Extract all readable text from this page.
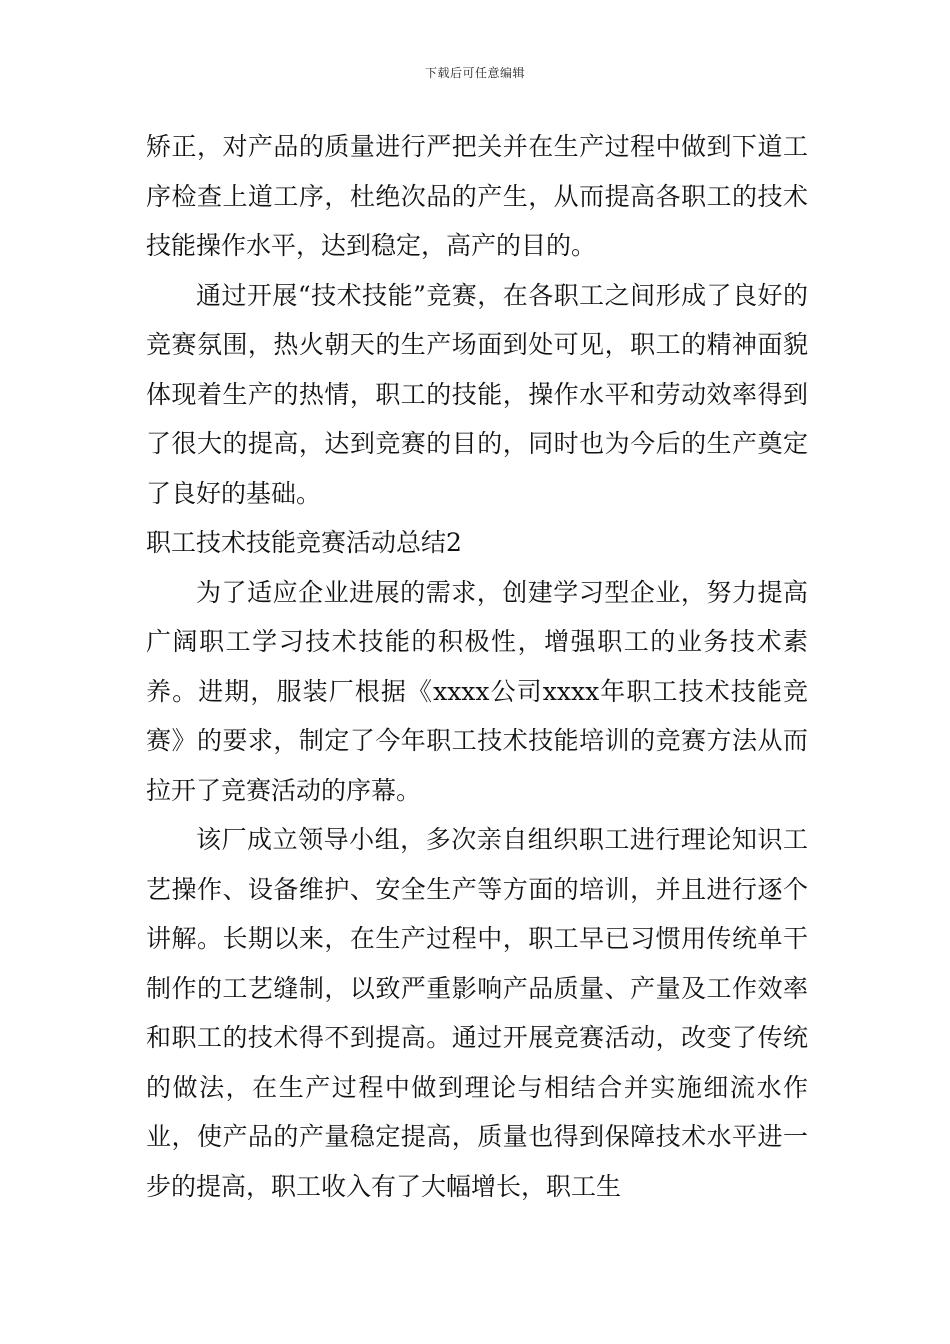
下载后可任意编辑

矫正，对产品的质量进行严把关并在生产过程中做到下道工序检查上道工序，杜绝次品的产生，从而提高各职工的技术技能操作水平，达到稳定，高产的目的。

通过开展“技术技能”竞赛，在各职工之间形成了良好的竞赛氛围，热火朝天的生产场面到处可见，职工的精神面貌体现着生产的热情，职工的技能，操作水平和劳动效率得到了很大的提高，达到竞赛的目的，同时也为今后的生产奠定了良好的基础。

职工技术技能竞赛活动总结2

为了适应企业进展的需求，创建学习型企业，努力提高广阔职工学习技术技能的积极性，增强职工的业务技术素养。进期，服装厂根据《xxxx公司xxxx年职工技术技能竞赛》的要求，制定了今年职工技术技能培训的竞赛方法从而拉开了竞赛活动的序幕。

该厂成立领导小组，多次亲自组织职工进行理论知识工艺操作、设备维护、安全生产等方面的培训，并且进行逐个讲解。长期以来，在生产过程中，职工早已习惯用传统单干制作的工艺缝制，以致严重影响产品质量、产量及工作效率和职工的技术得不到提高。通过开展竞赛活动，改变了传统的做法，在生产过程中做到理论与相结合并实施细流水作业，使产品的产量稳定提高，质量也得到保障技术水平进一步的提高，职工收入有了大幅增长，职工生
